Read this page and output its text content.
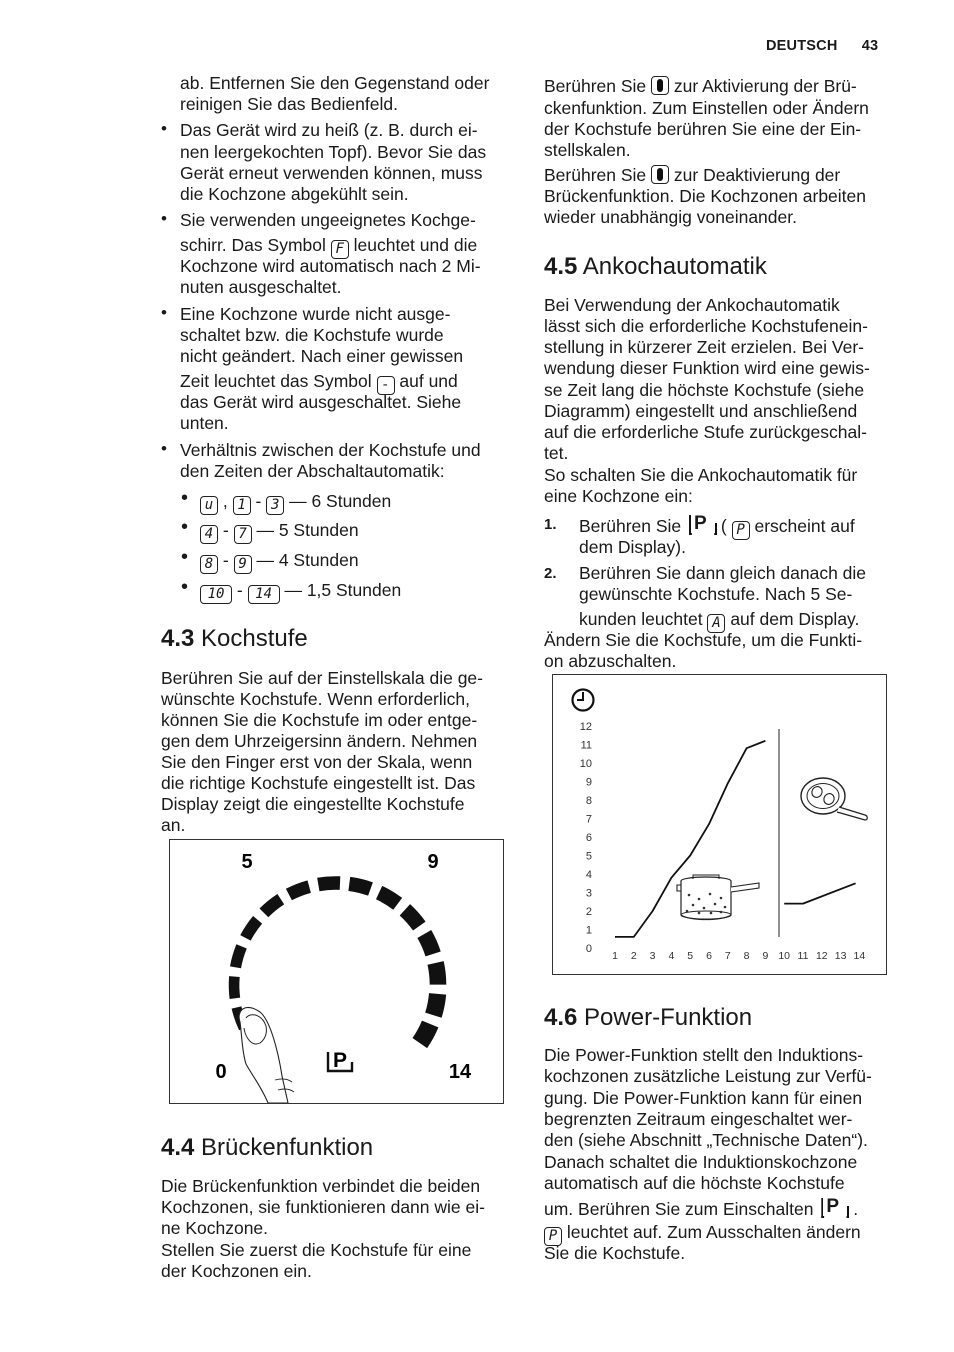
DEUTSCH 43
ab. Entfernen Sie den Gegenstand oder
reinigen Sie das Bedienfeld.
• Das Gerät wird zu heiß (z. B. durch ei-
nen leergekochten Topf). Bevor Sie das
Gerät erneut verwenden können, muss
die Kochzone abgekühlt sein.
• Sie verwenden ungeeignetes Kochge-
schirr. Das Symbol F leuchtet und die
Kochzone wird automatisch nach 2 Mi-
nuten ausgeschaltet.
• Eine Kochzone wurde nicht ausge-
schaltet bzw. die Kochstufe wurde
nicht geändert. Nach einer gewissen
Zeit leuchtet das Symbol - auf und
das Gerät wird ausgeschaltet. Siehe
unten.
• Verhältnis zwischen der Kochstufe und
den Zeiten der Abschaltautomatik:
•	u , 1 - 3 — 6 Stunden
•	4 - 7 — 5 Stunden
•	8 - 9 — 4 Stunden
•	10 - 14 — 1,5 Stunden
4.3 Kochstufe
Berühren Sie auf der Einstellskala die ge-
wünschte Kochstufe. Wenn erforderlich,
können Sie die Kochstufe im oder entge-
gen dem Uhrzeigersinn ändern. Nehmen
Sie den Finger erst von der Skala, wenn
die richtige Kochstufe eingestellt ist. Das
Display zeigt die eingestellte Kochstufe
an.
5	9
0	14
P
4.4 Brückenfunktion
Die Brückenfunktion verbindet die beiden
Kochzonen, sie funktionieren dann wie ei-
ne Kochzone.
Stellen Sie zuerst die Kochstufe für eine
der Kochzonen ein.
Berühren Sie zur Aktivierung der Brü-
ckenfunktion. Zum Einstellen oder Ändern
der Kochstufe berühren Sie eine der Ein-
stellskalen.
Berühren Sie zur Deaktivierung der
Brückenfunktion. Die Kochzonen arbeiten
wieder unabhängig voneinander.
4.5 Ankochautomatik
Bei Verwendung der Ankochautomatik
lässt sich die erforderliche Kochstufenein-
stellung in kürzerer Zeit erzielen. Bei Ver-
wendung dieser Funktion wird eine gewis-
se Zeit lang die höchste Kochstufe (siehe
Diagramm) eingestellt und anschließend
auf die erforderliche Stufe zurückgeschal-
tet.
So schalten Sie die Ankochautomatik für
eine Kochzone ein:
1. Berühren Sie P ( P erscheint auf
dem Display).
2. Berühren Sie dann gleich danach die
gewünschte Kochstufe. Nach 5 Se-
kunden leuchtet A auf dem Display.
Ändern Sie die Kochstufe, um die Funkti-
on abzuschalten.
0
1
2
3
4
5
6
7
8
9
10
11
12
1 2 3 4 5 6 7 8 9 10 11 12 13 14
4.6 Power-Funktion
Die Power-Funktion stellt den Induktions-
kochzonen zusätzliche Leistung zur Verfü-
gung. Die Power-Funktion kann für einen
begrenzten Zeitraum eingeschaltet wer-
den (siehe Abschnitt „Technische Daten“).
Danach schaltet die Induktionskochzone
automatisch auf die höchste Kochstufe
um. Berühren Sie zum Einschalten P .
P leuchtet auf. Zum Ausschalten ändern
Sie die Kochstufe.
